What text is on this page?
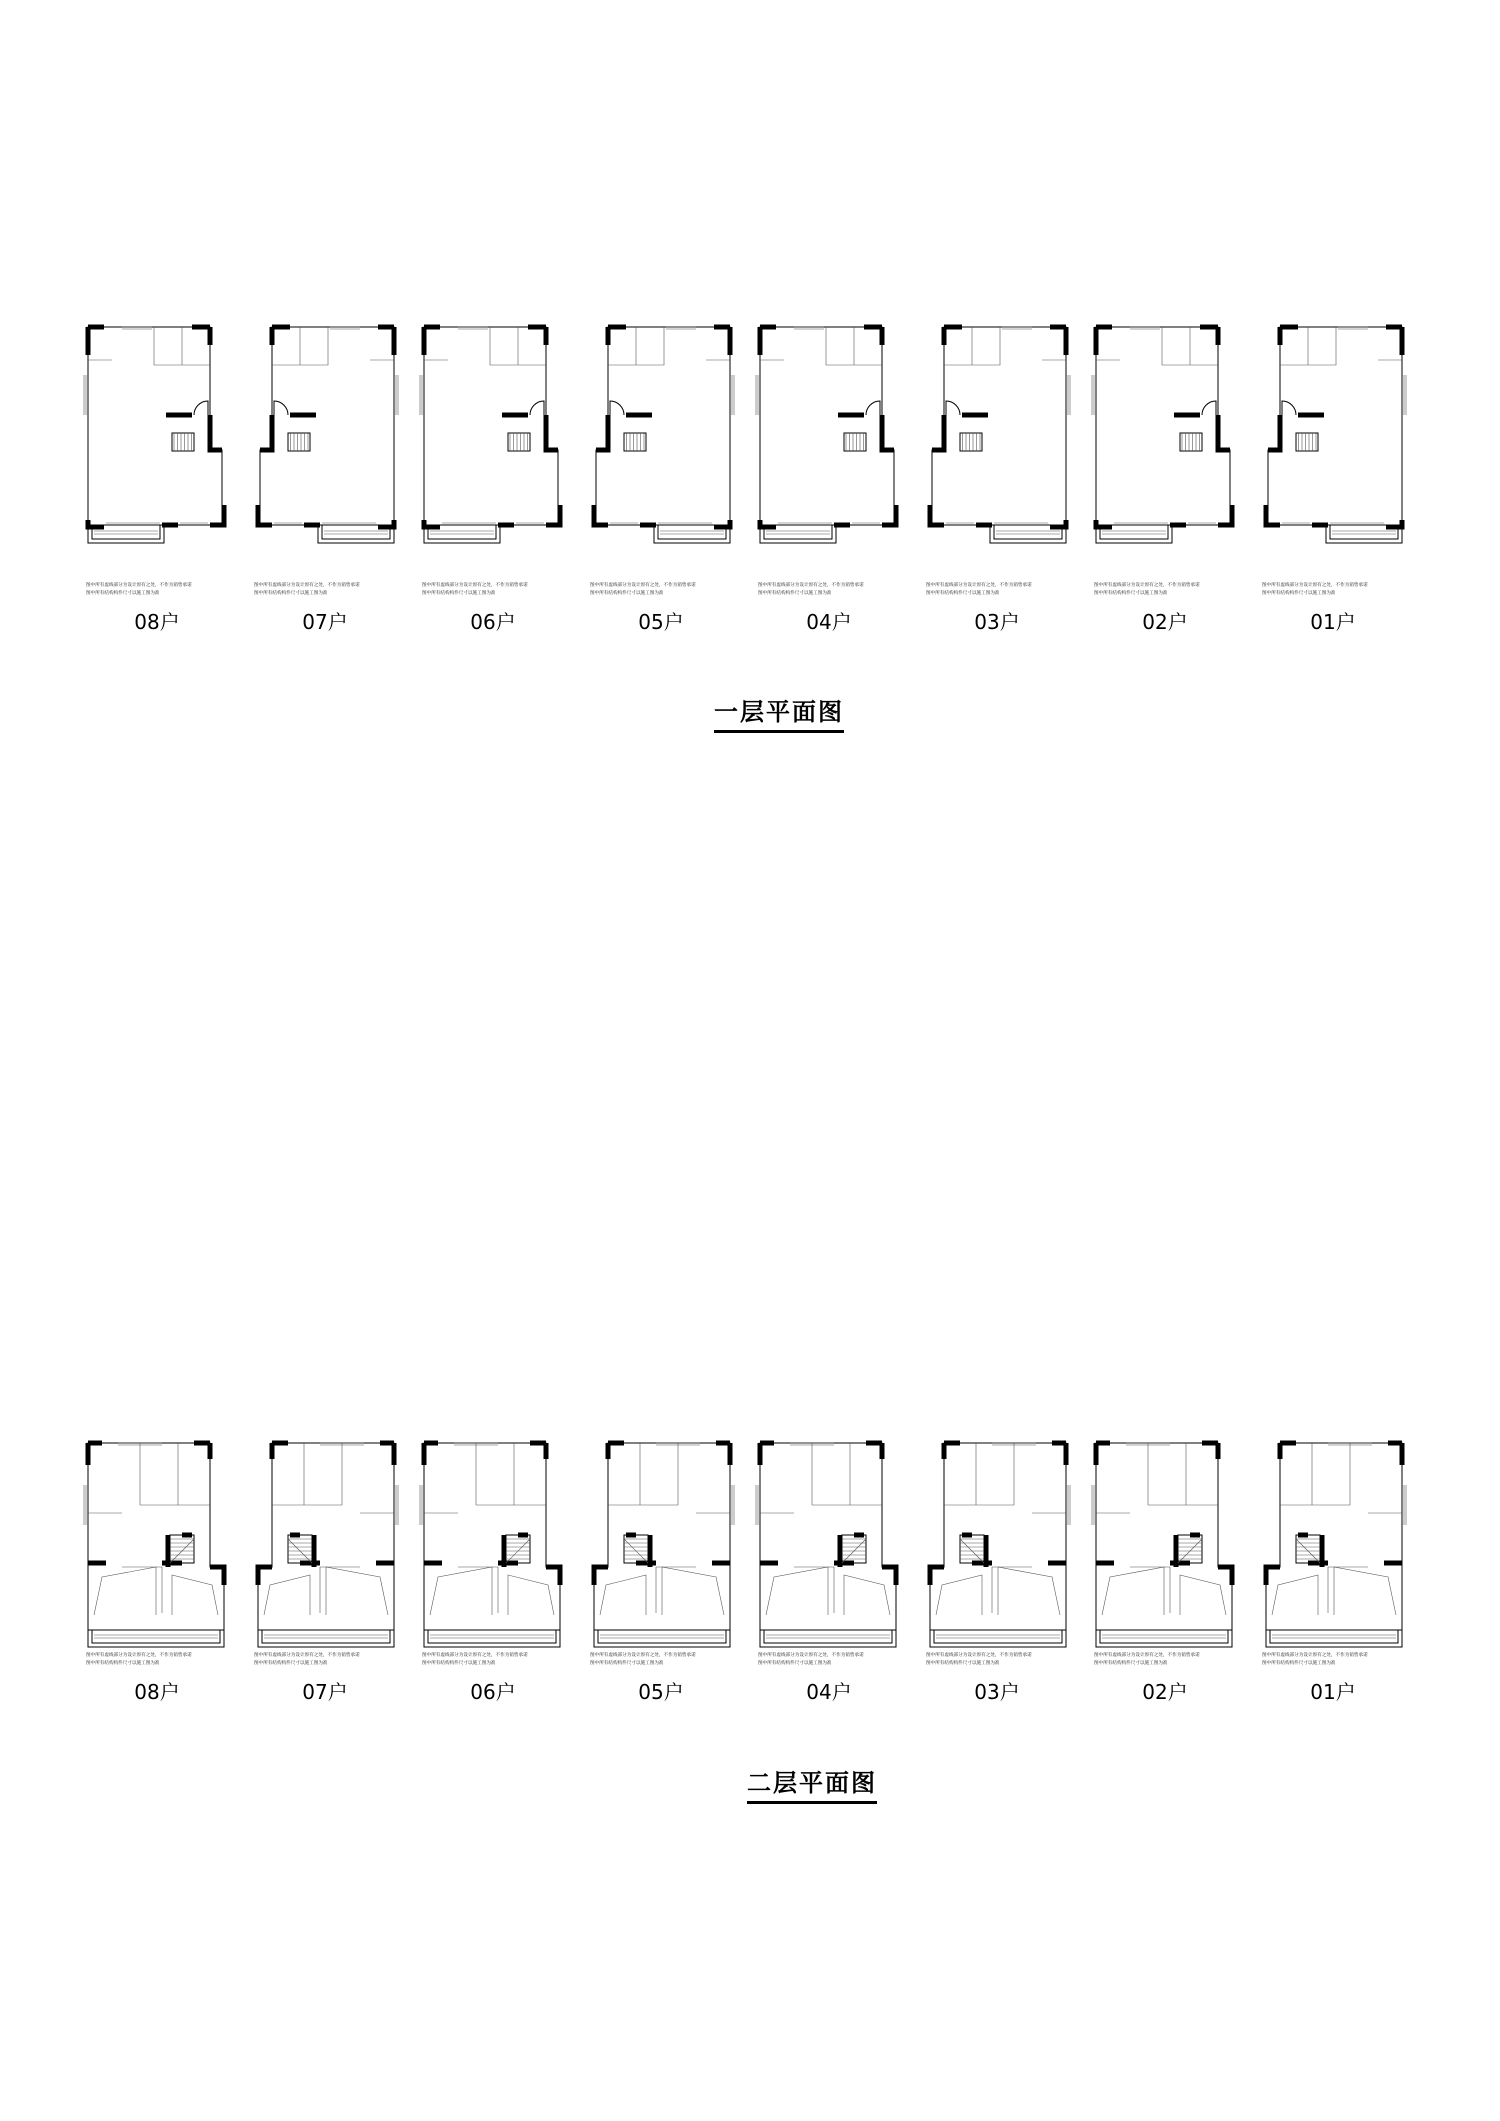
图中所有虚线部分为设计原有之处，不作为销售承诺
图中所有结构构件尺寸以施工图为准
08户
图中所有虚线部分为设计原有之处，不作为销售承诺
图中所有结构构件尺寸以施工图为准
07户
图中所有虚线部分为设计原有之处，不作为销售承诺
图中所有结构构件尺寸以施工图为准
06户
图中所有虚线部分为设计原有之处，不作为销售承诺
图中所有结构构件尺寸以施工图为准
05户
图中所有虚线部分为设计原有之处，不作为销售承诺
图中所有结构构件尺寸以施工图为准
04户
图中所有虚线部分为设计原有之处，不作为销售承诺
图中所有结构构件尺寸以施工图为准
03户
图中所有虚线部分为设计原有之处，不作为销售承诺
图中所有结构构件尺寸以施工图为准
02户
图中所有虚线部分为设计原有之处，不作为销售承诺
图中所有结构构件尺寸以施工图为准
01户
一层平面图
图中所有虚线部分为设计原有之处，不作为销售承诺
图中所有结构构件尺寸以施工图为准
08户
图中所有虚线部分为设计原有之处，不作为销售承诺
图中所有结构构件尺寸以施工图为准
07户
图中所有虚线部分为设计原有之处，不作为销售承诺
图中所有结构构件尺寸以施工图为准
06户
图中所有虚线部分为设计原有之处，不作为销售承诺
图中所有结构构件尺寸以施工图为准
05户
图中所有虚线部分为设计原有之处，不作为销售承诺
图中所有结构构件尺寸以施工图为准
04户
图中所有虚线部分为设计原有之处，不作为销售承诺
图中所有结构构件尺寸以施工图为准
03户
图中所有虚线部分为设计原有之处，不作为销售承诺
图中所有结构构件尺寸以施工图为准
02户
图中所有虚线部分为设计原有之处，不作为销售承诺
图中所有结构构件尺寸以施工图为准
01户
二层平面图
